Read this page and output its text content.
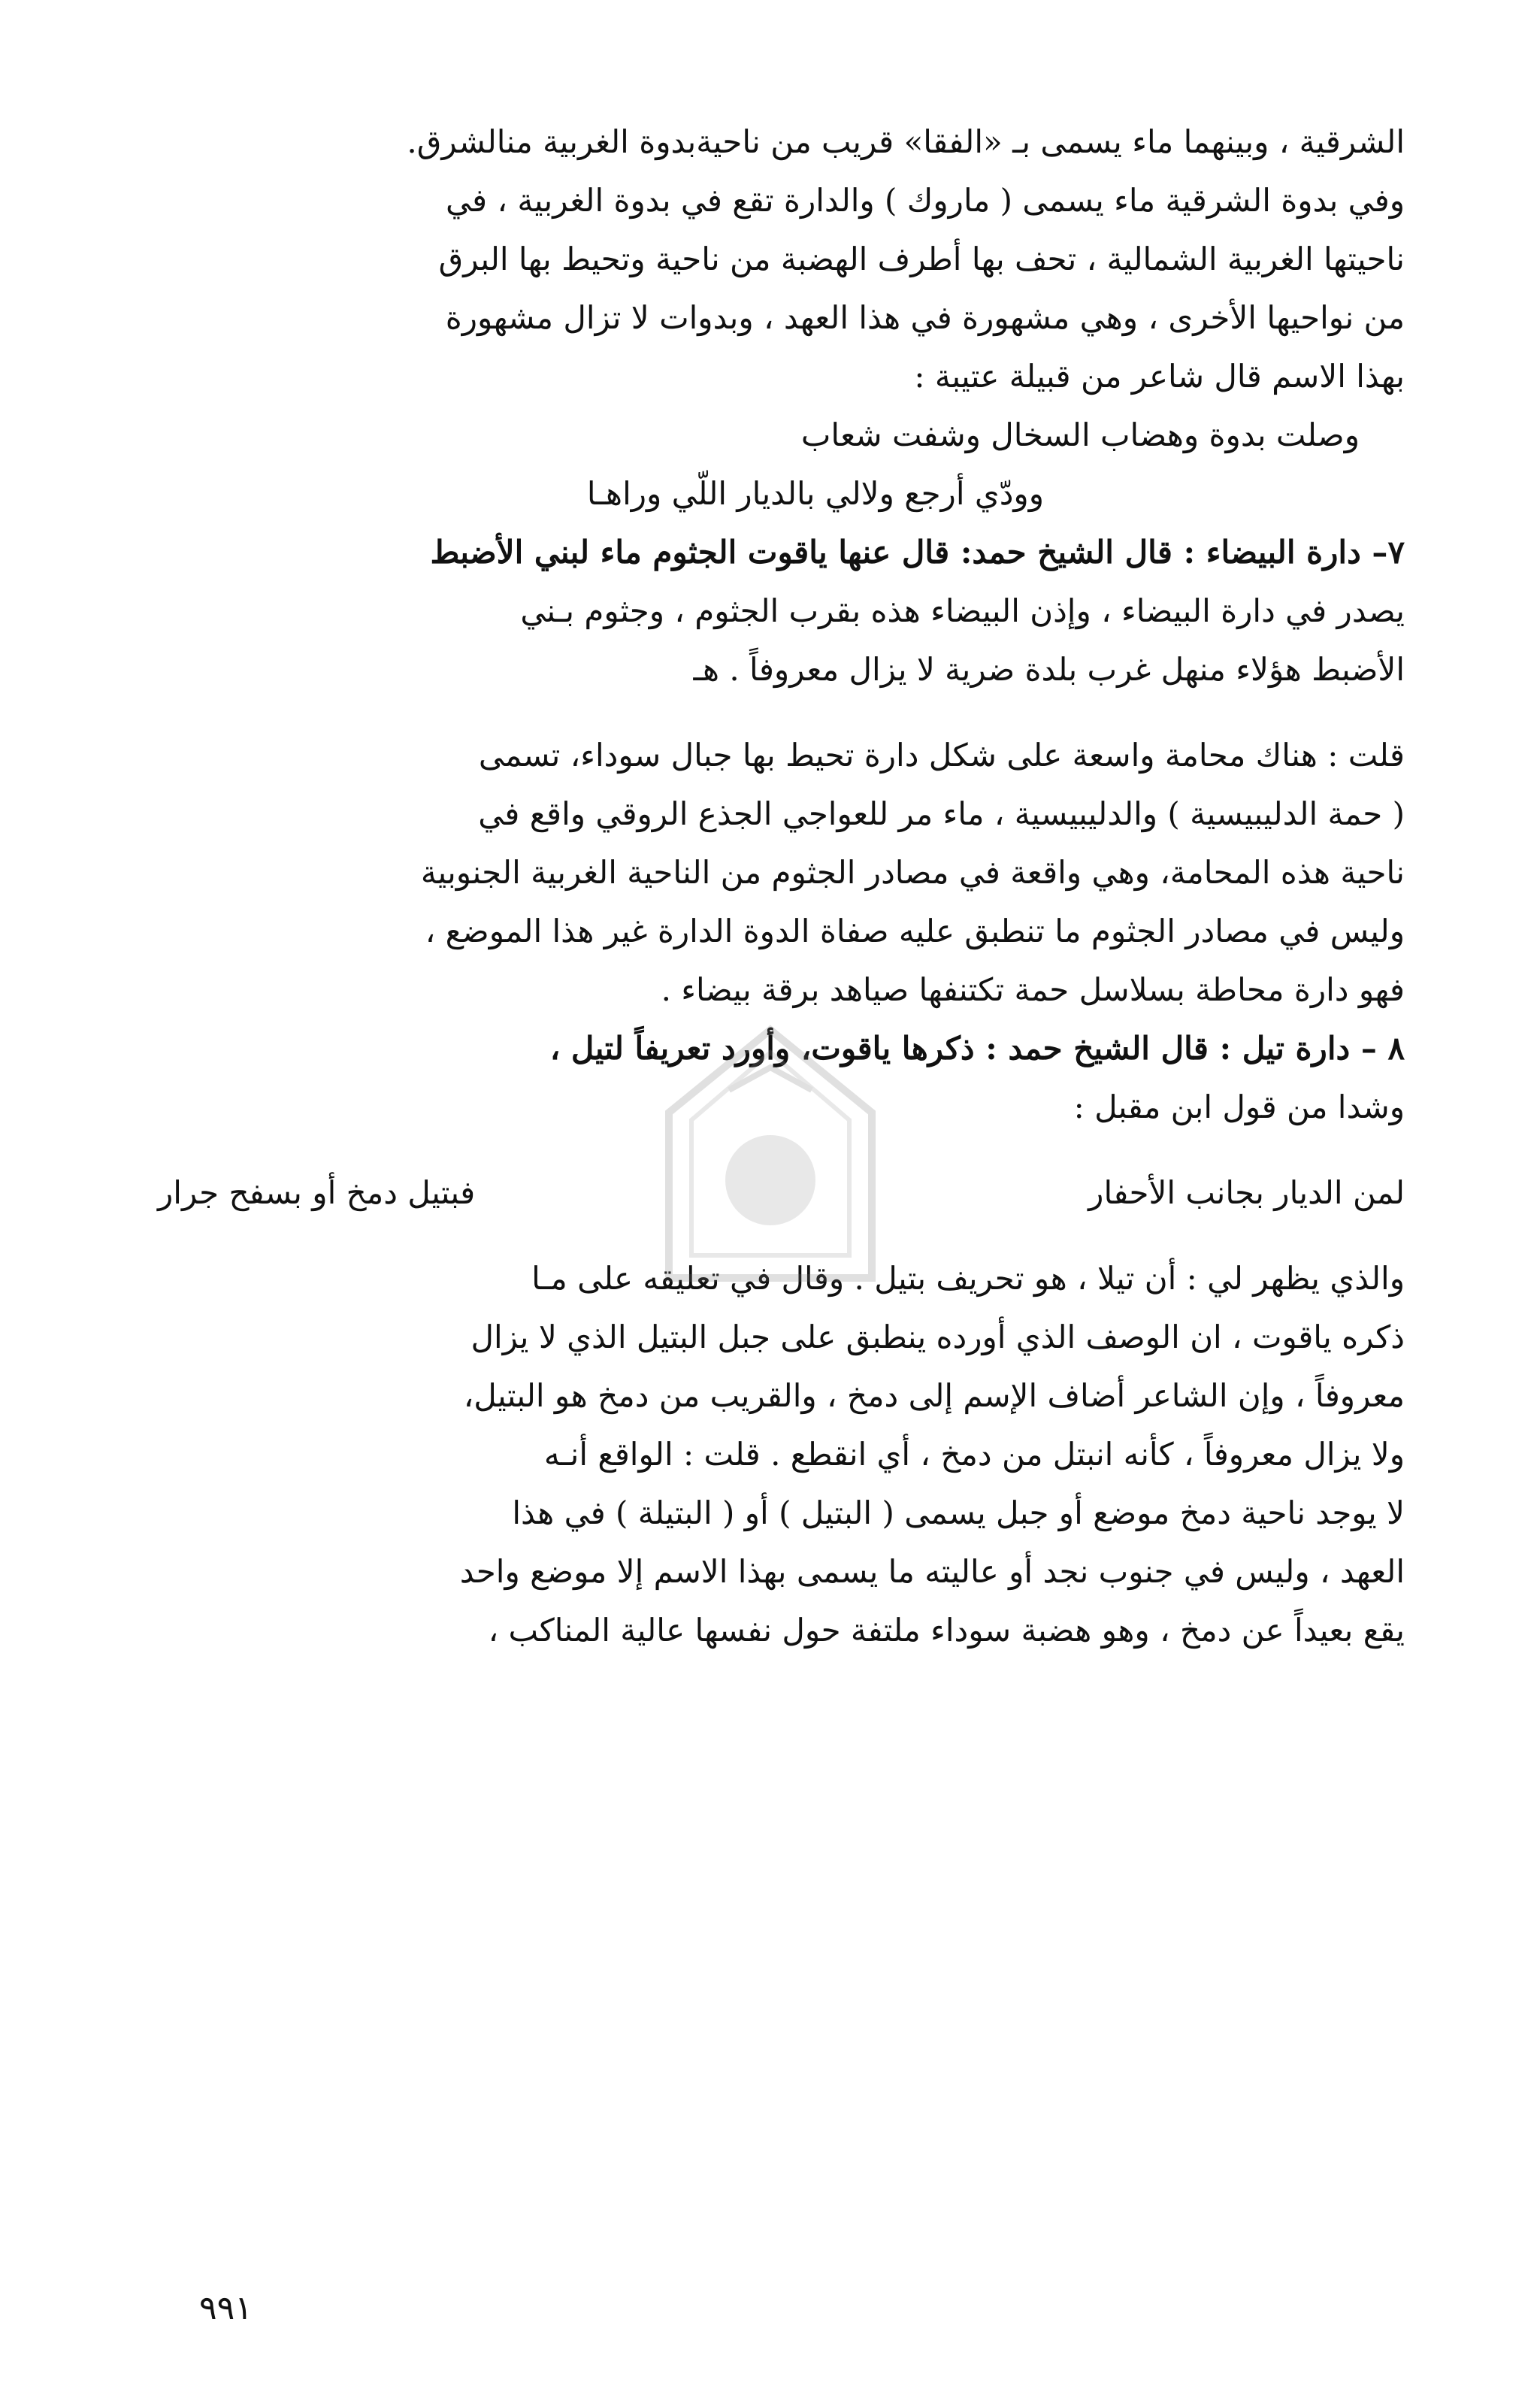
الشرقية ، وبينهما ماء يسمى بـ «الفقا» قريب من ناحيةبدوة الغربية منالشرق.
وفي بدوة الشرقية ماء يسمى ( ماروك ) والدارة تقع في بدوة الغربية ، في
ناحيتها الغربية الشمالية ، تحف بها أطرف الهضبة من ناحية وتحيط بها البرق
من نواحيها الأخرى ، وهي مشهورة في هذا العهد ، وبدوات لا تزال مشهورة
بهذا الاسم قال شاعر من قبيلة عتيبة :
وصلت بدوة وهضاب السخال وشفت شعاب
وودّي أرجع ولالي بالديار اللّي وراهـا
٧– دارة البيضاء : قال الشيخ حمد: قال عنها ياقوت الجثوم ماء لبني الأضبط
يصدر في دارة البيضاء ، وإذن البيضاء هذه بقرب الجثوم ، وجثوم بـني
الأضبط هؤلاء منهل غرب بلدة ضرية لا يزال معروفاً . هـ
قلت : هناك محامة واسعة على شكل دارة تحيط بها جبال سوداء، تسمى
( حمة الدليبيسية ) والدليبيسية ، ماء مر للعواجي الجذع الروقي واقع في
ناحية هذه المحامة، وهي واقعة في مصادر الجثوم من الناحية الغربية الجنوبية
وليس في مصادر الجثوم ما تنطبق عليه صفاة الدوة الدارة غير هذا الموضع ،
فهو دارة محاطة بسلاسل حمة تكتنفها صياهد برقة بيضاء .
٨ – دارة تيل : قال الشيخ حمد : ذكرها ياقوت، وأورد تعريفاً لتيل ،
وشدا من قول ابن مقبل :
لمن الديار بجانب الأحفار
فبتيل دمخ أو بسفح جرار
والذي يظهر لي : أن تيلا ، هو تحريف بتيل . وقال في تعليقه على مـا
ذكره ياقوت ، ان الوصف الذي أورده ينطبق على جبل البتيل الذي لا يزال
معروفاً ، وإن الشاعر أضاف الإسم إلى دمخ ، والقريب من دمخ هو البتيل،
ولا يزال معروفاً ، كأنه انبتل من دمخ ، أي انقطع . قلت : الواقع أنـه
لا يوجد ناحية دمخ موضع أو جبل يسمى ( البتيل ) أو ( البتيلة ) في هذا
العهد ، وليس في جنوب نجد أو عاليته ما يسمى بهذا الاسم إلا موضع واحد
يقع بعيداً عن دمخ ، وهو هضبة سوداء ملتفة حول نفسها عالية المناكب ،
٩٩١
